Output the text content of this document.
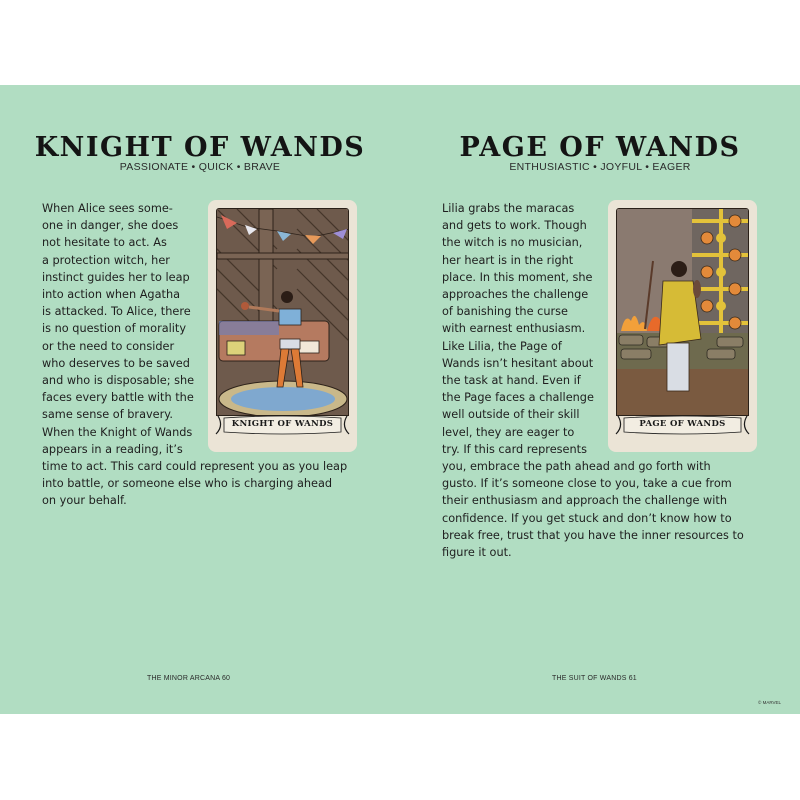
KNIGHT OF WANDS
PASSIONATE • QUICK • BRAVE
When Alice sees some-
one in danger, she does
not hesitate to act. As
a protection witch, her
instinct guides her to leap
into action when Agatha
is attacked. To Alice, there
is no question of morality
or the need to consider
who deserves to be saved
and who is disposable; she
faces every battle with the
same sense of bravery.
When the Knight of Wands
appears in a reading, it’s
time to act. This card could represent you as you leap
into battle, or someone else who is charging ahead
on your behalf.
KNIGHT OF WANDS
THE MINOR ARCANA 60
PAGE OF WANDS
ENTHUSIASTIC • JOYFUL • EAGER
Lilia grabs the maracas
and gets to work. Though
the witch is no musician,
her heart is in the right
place. In this moment, she
approaches the challenge
of banishing the curse
with earnest enthusiasm.
Like Lilia, the Page of
Wands isn’t hesitant about
the task at hand. Even if
the Page faces a challenge
well outside of their skill
level, they are eager to
try. If this card represents
you, embrace the path ahead and go forth with
gusto. If it’s someone close to you, take a cue from
their enthusiasm and approach the challenge with
confidence. If you get stuck and don’t know how to
break free, trust that you have the inner resources to
figure it out.
PAGE OF WANDS
THE SUIT OF WANDS 61
© MARVEL
